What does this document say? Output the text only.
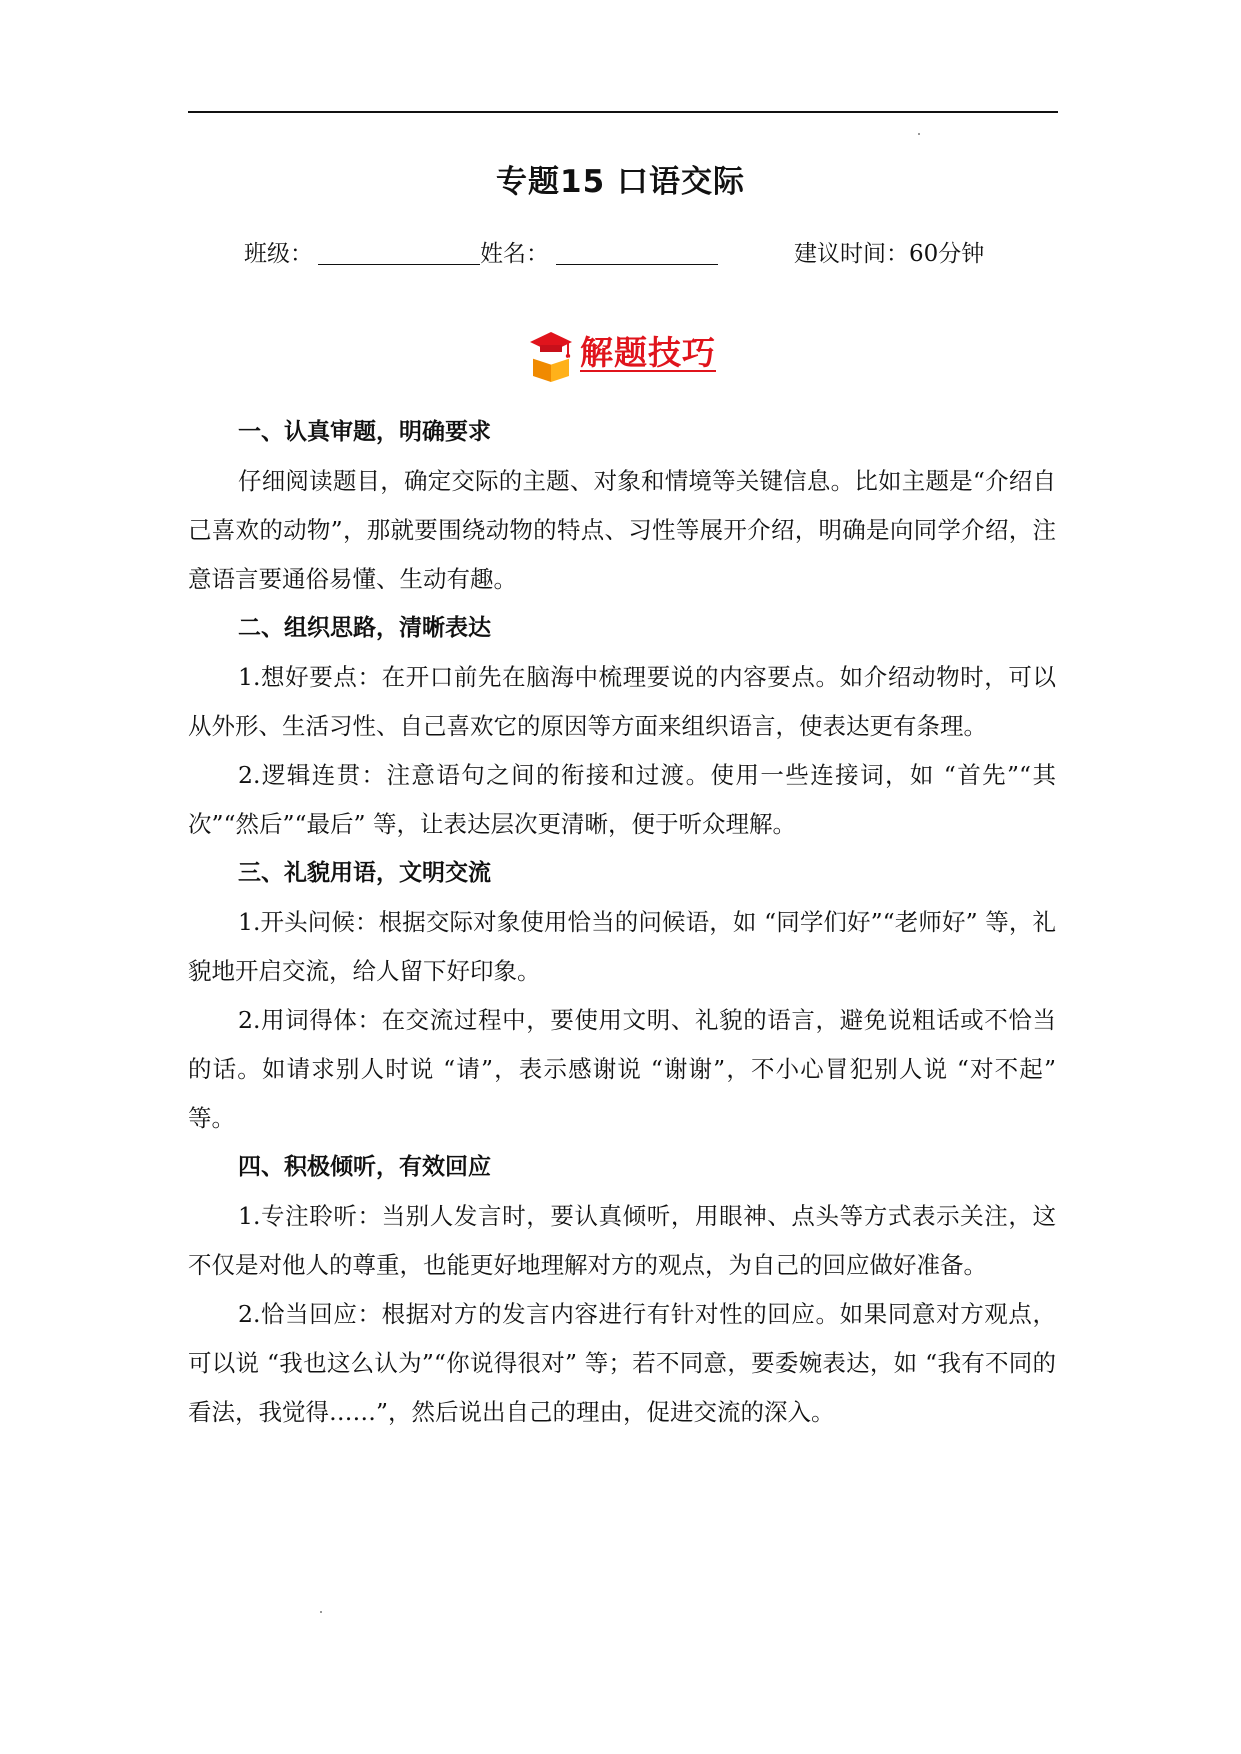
专题15 口语交际
班级：	姓名：	建议时间：60分钟
解题技巧

一、认真审题，明确要求

仔细阅读题目，确定交际的主题、对象和情境等关键信息。比如主题是“介绍自己喜欢的动物”，那就要围绕动物的特点、习性等展开介绍，明确是向同学介绍，注意语言要通俗易懂、生动有趣。

二、组织思路，清晰表达

1.想好要点：在开口前先在脑海中梳理要说的内容要点。如介绍动物时，可以从外形、生活习性、自己喜欢它的原因等方面来组织语言，使表达更有条理。

2.逻辑连贯：注意语句之间的衔接和过渡。使用一些连接词，如 “首先”“其次”“然后”“最后” 等，让表达层次更清晰，便于听众理解。

三、礼貌用语，文明交流

1.开头问候：根据交际对象使用恰当的问候语，如 “同学们好”“老师好” 等，礼貌地开启交流，给人留下好印象。

2.用词得体：在交流过程中，要使用文明、礼貌的语言，避免说粗话或不恰当的话。如请求别人时说 “请”，表示感谢说 “谢谢”，不小心冒犯别人说 “对不起” 等。

四、积极倾听，有效回应

1.专注聆听：当别人发言时，要认真倾听，用眼神、点头等方式表示关注，这不仅是对他人的尊重，也能更好地理解对方的观点，为自己的回应做好准备。

2.恰当回应：根据对方的发言内容进行有针对性的回应。如果同意对方观点，可以说 “我也这么认为”“你说得很对” 等；若不同意，要委婉表达，如 “我有不同的看法，我觉得……”，然后说出自己的理由，促进交流的深入。
